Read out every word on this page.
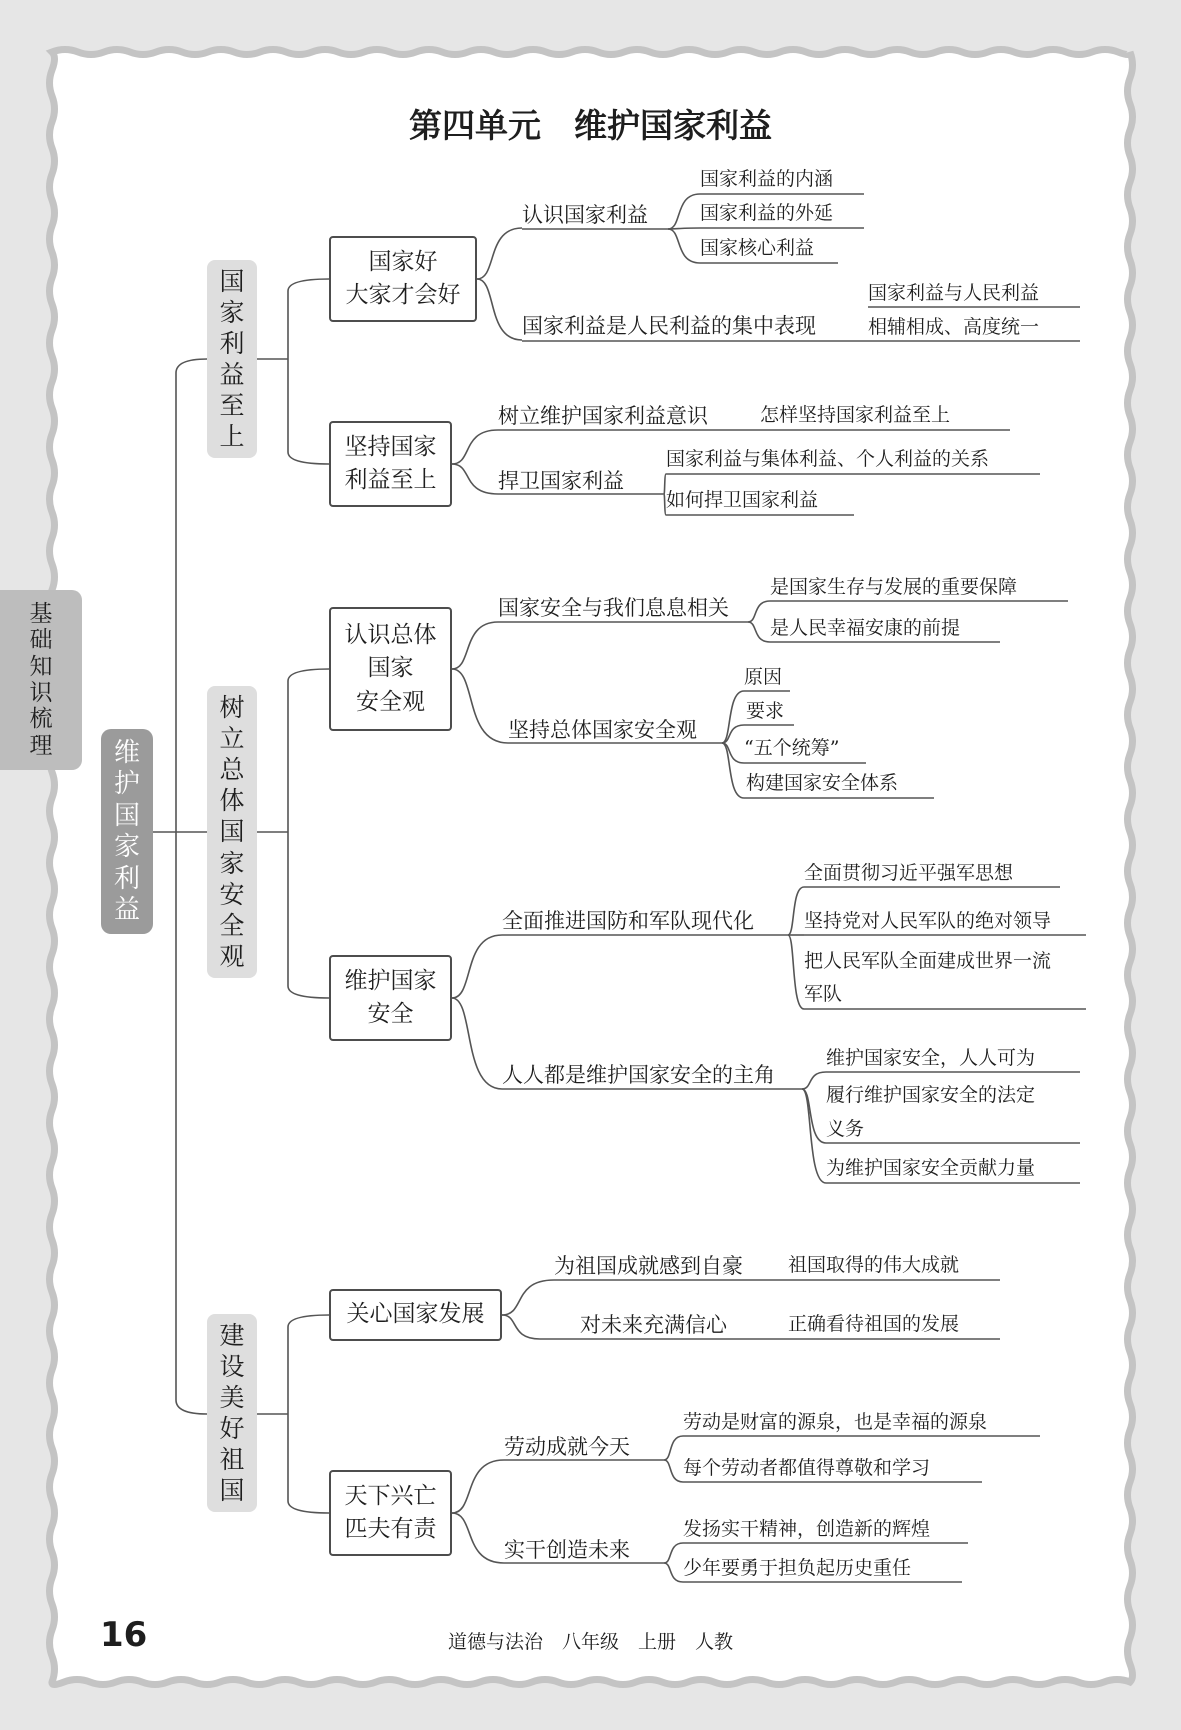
第四单元　维护国家利益
基
础
知
识
梳
理 维
护
国
家
利
益
国
家
利
益
至
上
国家好
大家才会好
坚持国家
利益至上
认识国家利益
国家利益的内涵
国家利益的外延
国家核心利益
国家利益是人民利益的集中表现
国家利益与人民利益
相辅相成、高度统一
树立维护国家利益意识	怎样坚持国家利益至上
捍卫国家利益
国家利益与集体利益、个人利益的关系
如何捍卫国家利益
树
立
总
体
国
家
安
全
观
认识总体
国家
安全观
维护国家
安全
国家安全与我们息息相关
是国家生存与发展的重要保障
是人民幸福安康的前提
坚持总体国家安全观
原因
要求
“五个统筹”
构建国家安全体系
全面推进国防和军队现代化
全面贯彻习近平强军思想
坚持党对人民军队的绝对领导
把人民军队全面建成世界一流
军队
人人都是维护国家安全的主角
维护国家安全，人人可为
履行维护国家安全的法定
义务
为维护国家安全贡献力量
建
设
美
好
祖
国
关心国家发展
天下兴亡
匹夫有责
为祖国成就感到自豪 祖国取得的伟大成就
对未来充满信心	正确看待祖国的发展
劳动成就今天
劳动是财富的源泉，也是幸福的源泉
每个劳动者都值得尊敬和学习
实干创造未来
发扬实干精神，创造新的辉煌
少年要勇于担负起历史重任
16	道德与法治　八年级　上册　人教
